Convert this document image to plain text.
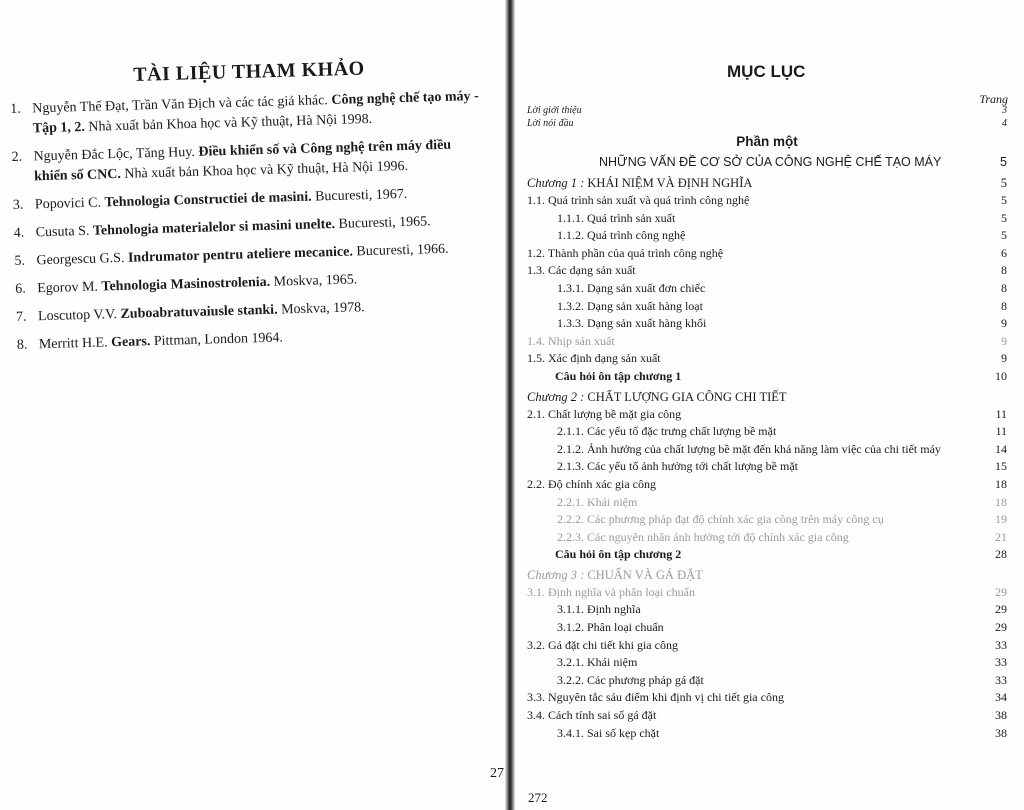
TÀI LIỆU THAM KHẢO
1. Nguyễn Thế Đạt, Trần Văn Địch và các tác giả khác. Công nghệ chế tạo máy - Tập 1, 2. Nhà xuất bản Khoa học và Kỹ thuật, Hà Nội 1998.
2. Nguyễn Đắc Lộc, Tăng Huy. Điều khiển số và Công nghệ trên máy điều khiển số CNC. Nhà xuất bản Khoa học và Kỹ thuật, Hà Nội 1996.
3. Popovici C. Tehnologia Constructiei de masini. Bucuresti, 1967.
4. Cusuta S. Tehnologia materialelor si masini unelte. Bucuresti, 1965.
5. Georgescu G.S. Indrumator pentru ateliere mecanice. Bucuresti, 1966.
6. Egorov M. Tehnologia Masinostrolenia. Moskva, 1965.
7. Loscutop V.V. Zuboabratuvaiusle stanki. Moskva, 1978.
8. Merritt H.E. Gears. Pittman, London 1964.
27
MỤC LỤC
Trang
Lời giới thiệu	3
Lời nói đầu	4
Phần một
NHỮNG VẤN ĐỀ CƠ SỞ CỦA CÔNG NGHỆ CHẾ TẠO MÁY	5
Chương 1 : KHÁI NIỆM VÀ ĐỊNH NGHĨA	5
1.1. Quá trình sản xuất và quá trình công nghệ	5
1.1.1. Quá trình sản xuất	5
1.1.2. Quá trình công nghệ	5
1.2. Thành phần của quá trình công nghệ	6
1.3. Các dạng sản xuất	8
1.3.1. Dạng sản xuất đơn chiếc	8
1.3.2. Dạng sản xuất hàng loạt	8
1.3.3. Dạng sản xuất hàng khối	9
1.4. Nhịp sản xuất	9
1.5. Xác định dạng sản xuất	9
Câu hỏi ôn tập chương 1	10
Chương 2 : CHẤT LƯỢNG GIA CÔNG CHI TIẾT
2.1. Chất lượng bề mặt gia công	11
2.1.1. Các yếu tố đặc trưng chất lượng bề mặt	11
2.1.2. Ảnh hưởng của chất lượng bề mặt đến khả năng làm việc của chi tiết máy	14
2.1.3. Các yếu tố ảnh hưởng tới chất lượng bề mặt	15
2.2. Độ chính xác gia công	18
2.2.1. Khái niệm	18
2.2.2. Các phương pháp đạt độ chính xác gia công trên máy công cụ	19
2.2.3. Các nguyên nhân ảnh hưởng tới độ chính xác gia công	21
Câu hỏi ôn tập chương 2	28
Chương 3 : CHUẨN VÀ GÁ ĐẶT
3.1. Định nghĩa và phân loại chuẩn	29
3.1.1. Định nghĩa	29
3.1.2. Phân loại chuẩn	29
3.2. Gá đặt chi tiết khi gia công	33
3.2.1. Khái niệm	33
3.2.2. Các phương pháp gá đặt	33
3.3. Nguyên tắc sáu điểm khi định vị chi tiết gia công	34
3.4. Cách tính sai số gá đặt	38
3.4.1. Sai số kẹp chặt	38
272
